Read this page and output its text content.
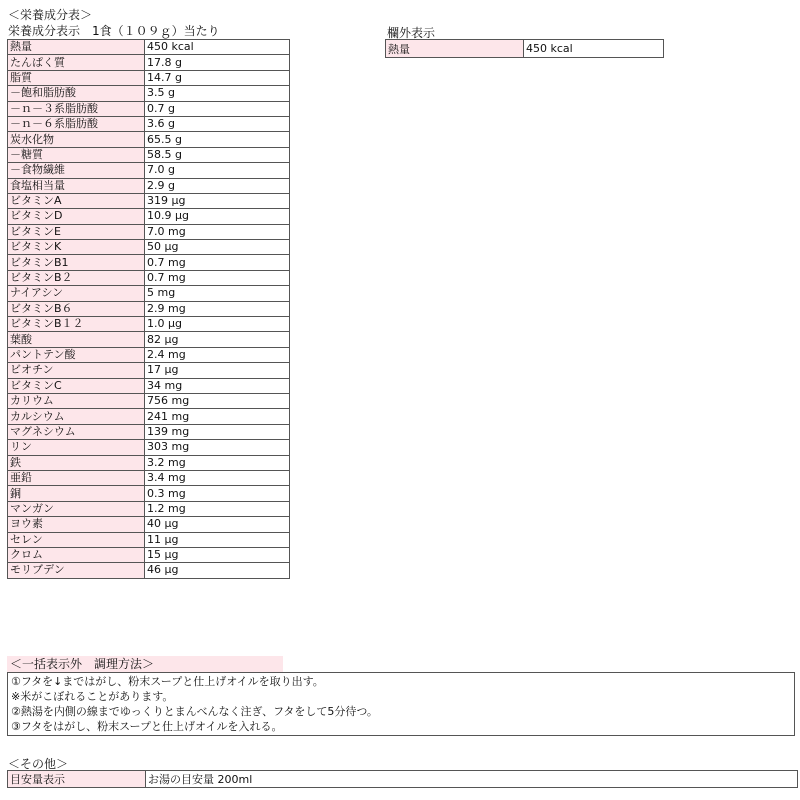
＜栄養成分表＞
栄養成分表示　1食（１０９ｇ）当たり
熱量	450 kcal
たんぱく質	17.8 g
脂質	14.7 g
－飽和脂肪酸	3.5 g
－ｎ－３系脂肪酸	0.7 g
－ｎ－６系脂肪酸	3.6 g
炭水化物	65.5 g
－糖質	58.5 g
－食物繊維	7.0 g
食塩相当量	2.9 g
ビタミンA	319 μg
ビタミンD	10.9 μg
ビタミンE	7.0 mg
ビタミンK	50 μg
ビタミンB1	0.7 mg
ビタミンB２	0.7 mg
ナイアシン	5 mg
ビタミンB６	2.9 mg
ビタミンB１２	1.0 μg
葉酸	82 μg
パントテン酸	2.4 mg
ビオチン	17 μg
ビタミンC	34 mg
カリウム	756 mg
カルシウム	241 mg
マグネシウム	139 mg
リン	303 mg
鉄	3.2 mg
亜鉛	3.4 mg
銅	0.3 mg
マンガン	1.2 mg
ヨウ素	40 μg
セレン	11 μg
クロム	15 μg
モリブデン	46 μg
欄外表示
熱量	450 kcal
＜一括表示外　調理方法＞
①フタを↓まではがし、粉末スープと仕上げオイルを取り出す。
※米がこぼれることがあります。
②熱湯を内側の線までゆっくりとまんべんなく注ぎ、フタをして5分待つ。
③フタをはがし、粉末スープと仕上げオイルを入れる。
＜その他＞
目安量表示	お湯の目安量 200ml
